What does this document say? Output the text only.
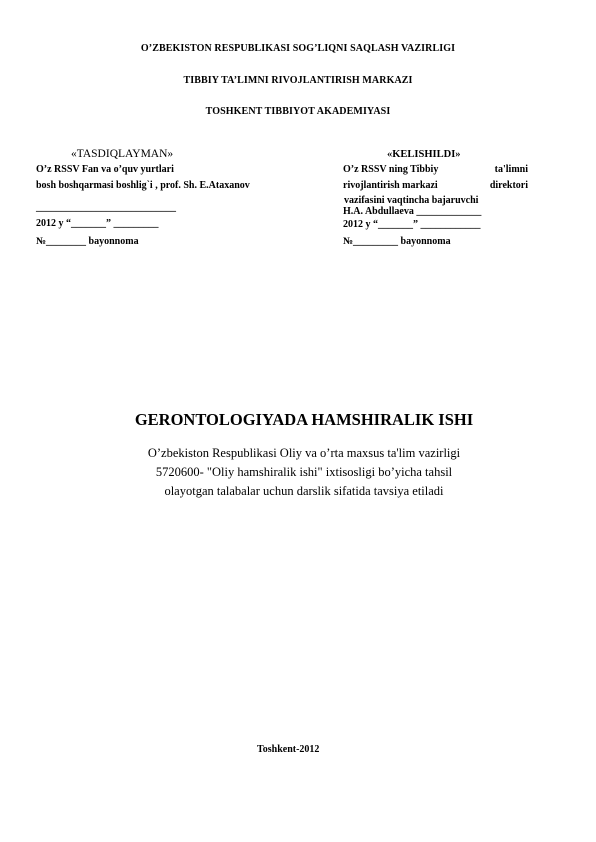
O’ZBEKISTON RESPUBLIKASI SOG’LIQNI SAQLASH VAZIRLIGI
TIBBIY TA’LIMNI RIVOJLANTIRISH MARKAZI
TOSHKENT TIBBIYOT AKADEMIYASI
«TASDIQLAYMAN»
O’z RSSV Fan va o’quv yurtlari
bosh boshqarmasi boshlig`i , prof. Sh. E.Ataxanov
____________________________
2012 y “_______” _________
№________ bayonnoma
«KELISHILDI»
O’z RSSV ning Tibbiy	ta'limni
rivojlantirish markazi	direktori
vazifasini vaqtincha bajaruvchi
H.A. Abdullaeva _____________
2012 y “_______” ____________
№_________ bayonnoma
GERONTOLOGIYADA HAMSHIRALIK ISHI
O’zbekiston Respublikasi Oliy va o’rta maxsus ta'lim vazirligi
5720600- "Oliy hamshiralik ishi" ixtisosligi bo’yicha tahsil
olayotgan talabalar uchun darslik sifatida tavsiya etiladi
Toshkent-2012
